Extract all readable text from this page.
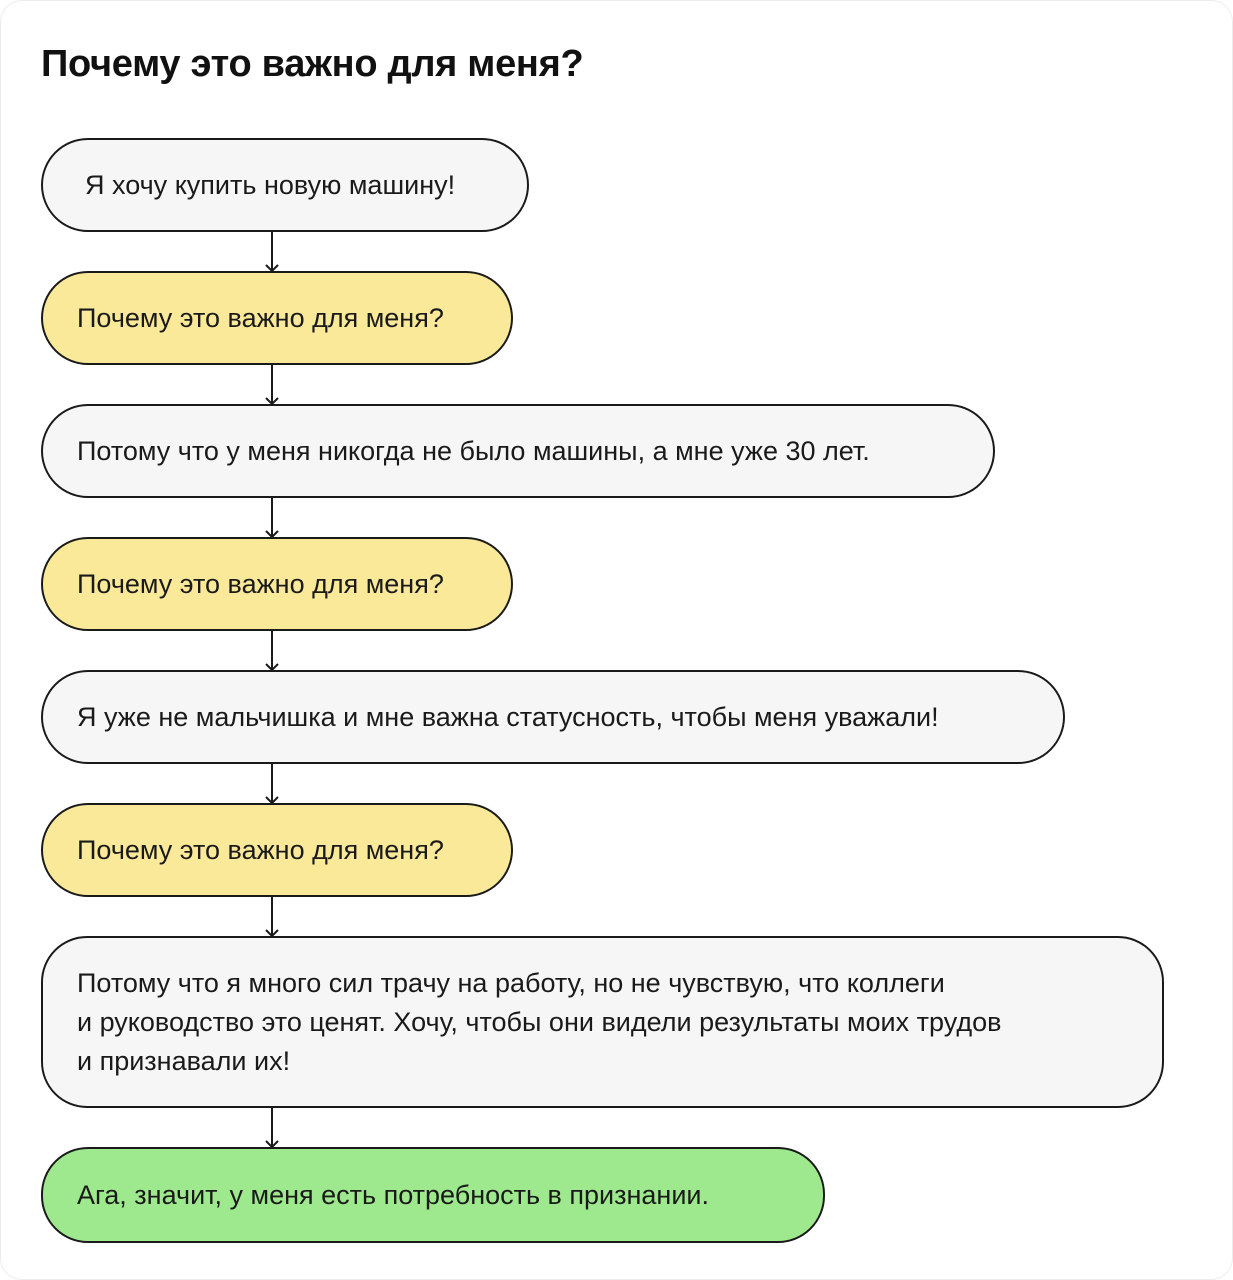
Почему это важно для меня?
Я хочу купить новую машину!
Почему это важно для меня?
Потому что у меня никогда не было машины, а мне уже 30 лет.
Почему это важно для меня?
Я уже не мальчишка и мне важна статусность, чтобы меня уважали!
Почему это важно для меня?
Потому что я много сил трачу на работу, но не чувствую, что коллеги
и руководство это ценят. Хочу, чтобы они видели результаты моих трудов
и признавали их!
Ага, значит, у меня есть потребность в признании.
